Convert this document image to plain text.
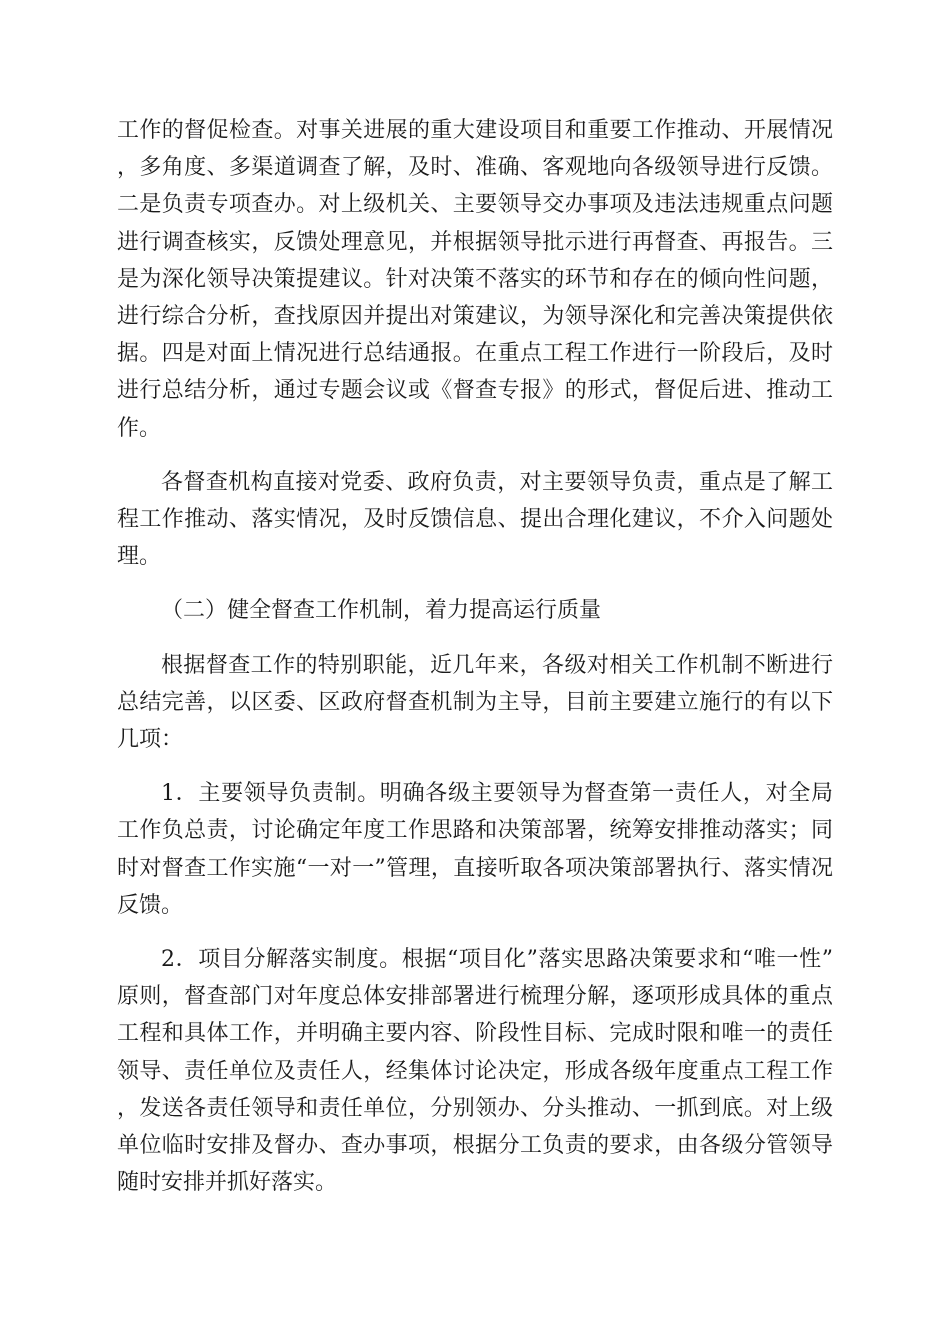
工作的督促检查。对事关进展的重大建设项目和重要工作推动、开展情况，多角度、多渠道调查了解，及时、准确、客观地向各级领导进行反馈。二是负责专项查办。对上级机关、主要领导交办事项及违法违规重点问题进行调查核实，反馈处理意见，并根据领导批示进行再督查、再报告。三是为深化领导决策提建议。针对决策不落实的环节和存在的倾向性问题，进行综合分析，查找原因并提出对策建议，为领导深化和完善决策提供依据。四是对面上情况进行总结通报。在重点工程工作进行一阶段后，及时进行总结分析，通过专题会议或《督查专报》的形式，督促后进、推动工作。

各督查机构直接对党委、政府负责，对主要领导负责，重点是了解工程工作推动、落实情况，及时反馈信息、提出合理化建议，不介入问题处理。

（二）健全督查工作机制，着力提高运行质量

根据督查工作的特别职能，近几年来，各级对相关工作机制不断进行总结完善，以区委、区政府督查机制为主导，目前主要建立施行的有以下几项：

1．主要领导负责制。明确各级主要领导为督查第一责任人，对全局工作负总责，讨论确定年度工作思路和决策部署，统筹安排推动落实；同时对督查工作实施“一对一”管理，直接听取各项决策部署执行、落实情况反馈。

2．项目分解落实制度。根据“项目化”落实思路决策要求和“唯一性”原则，督查部门对年度总体安排部署进行梳理分解，逐项形成具体的重点工程和具体工作，并明确主要内容、阶段性目标、完成时限和唯一的责任领导、责任单位及责任人，经集体讨论决定，形成各级年度重点工程工作，发送各责任领导和责任单位，分别领办、分头推动、一抓到底。对上级单位临时安排及督办、查办事项，根据分工负责的要求，由各级分管领导随时安排并抓好落实。
